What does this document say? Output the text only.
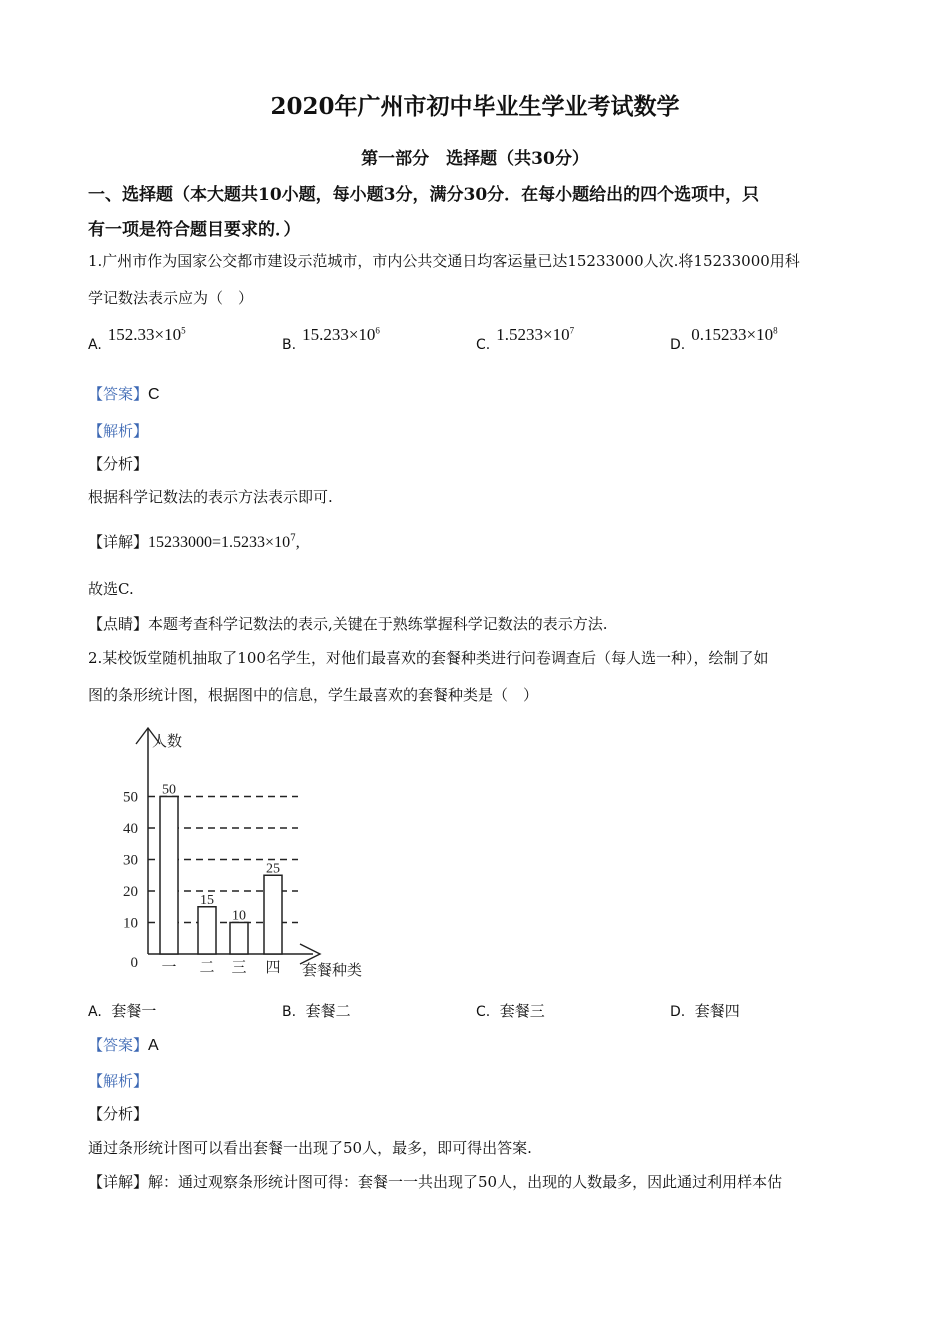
2020年广州市初中毕业生学业考试数学
第一部分　选择题（共30分）
一、选择题（本大题共10小题，每小题3分，满分30分．在每小题给出的四个选项中，只
有一项是符合题目要求的．）
1.广州市作为国家公交都市建设示范城市，市内公共交通日均客运量已达15233000人次.将15233000用科
学记数法表示应为（　）
$A.152.33\times 10^5$
$B.15.233\times 10^6$
$C.1.5233\times 10^7$
$D.0.15233\times 10^8$
【答案】C
【解析】
【分析】
根据科学记数法的表示方法表示即可.
【详解】$15233000=1.5233\times 10^7$,
故选C.
【点睛】本题考查科学记数法的表示,关键在于熟练掌握科学记数法的表示方法.
2.某校饭堂随机抽取了100名学生，对他们最喜欢的套餐种类进行问卷调查后（每人选一种），绘制了如
图的条形统计图，根据图中的信息，学生最喜欢的套餐种类是（　）
人数
套餐种类
0
10
20
30
40
50 50
一
15
二
10
三
25
四
A. 套餐一	B. 套餐二	C. 套餐三	D. 套餐四
【答案】A
【解析】
【分析】
通过条形统计图可以看出套餐一出现了50人，最多，即可得出答案.
【详解】解：通过观察条形统计图可得：套餐一一共出现了50人，出现的人数最多，因此通过利用样本估
